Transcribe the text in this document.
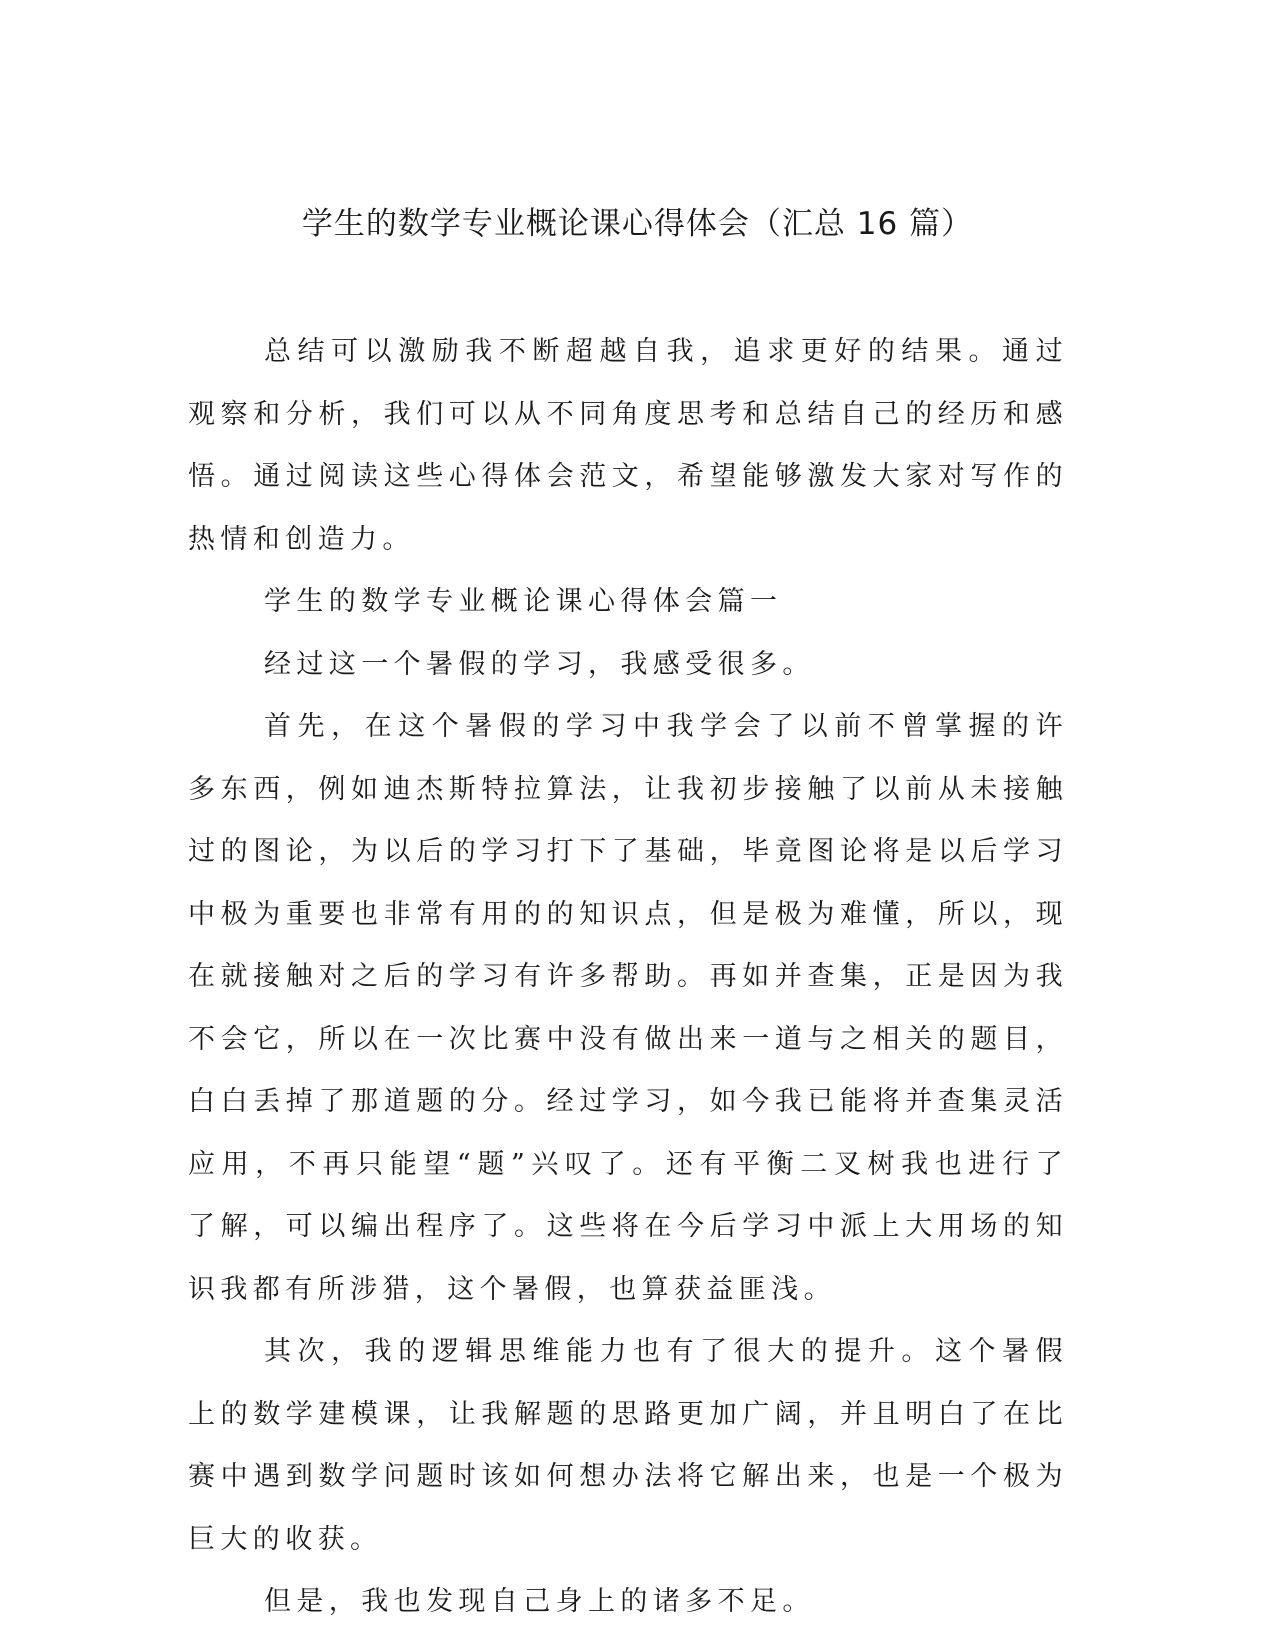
学生的数学专业概论课心得体会（汇总 16 篇）

总结可以激励我不断超越自我，追求更好的结果。通过观察和分析，我们可以从不同角度思考和总结自己的经历和感悟。通过阅读这些心得体会范文，希望能够激发大家对写作的热情和创造力。

学生的数学专业概论课心得体会篇一

经过这一个暑假的学习，我感受很多。

首先，在这个暑假的学习中我学会了以前不曾掌握的许多东西，例如迪杰斯特拉算法，让我初步接触了以前从未接触过的图论，为以后的学习打下了基础，毕竟图论将是以后学习中极为重要也非常有用的的知识点，但是极为难懂，所以，现在就接触对之后的学习有许多帮助。再如并查集，正是因为我不会它，所以在一次比赛中没有做出来一道与之相关的题目，白白丢掉了那道题的分。经过学习，如今我已能将并查集灵活应用，不再只能望“题”兴叹了。还有平衡二叉树我也进行了了解，可以编出程序了。这些将在今后学习中派上大用场的知识我都有所涉猎，这个暑假，也算获益匪浅。

其次，我的逻辑思维能力也有了很大的提升。这个暑假上的数学建模课，让我解题的思路更加广阔，并且明白了在比赛中遇到数学问题时该如何想办法将它解出来，也是一个极为巨大的收获。

但是，我也发现自己身上的诸多不足。
